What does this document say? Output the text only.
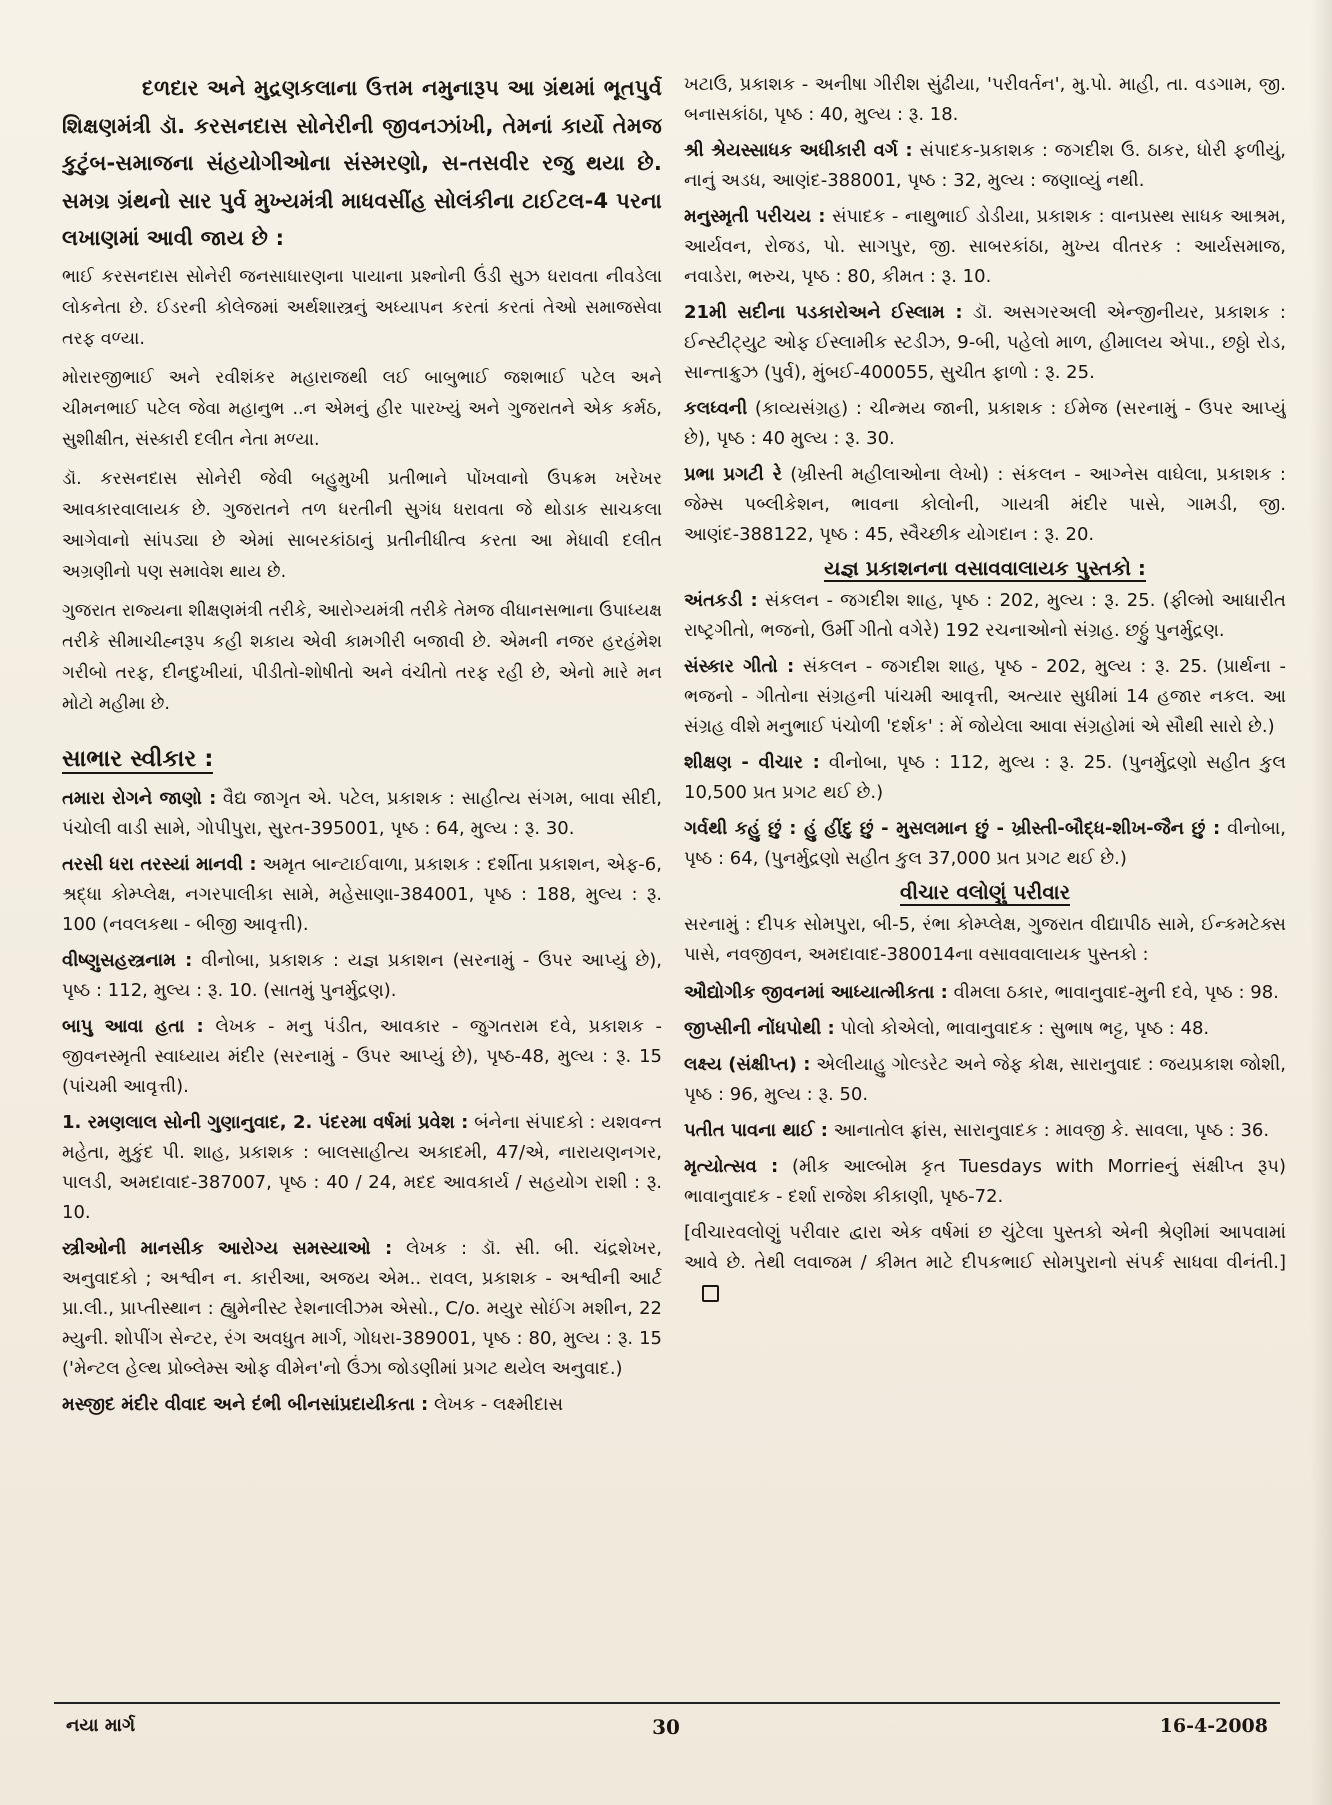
દળદાર અને મુદ્રણકલાના ઉત્તમ નમુનારૂપ આ ગ્રંથમાં ભૂતપુર્વ શિક્ષણમંત્રી ડૉ. કરસનદાસ સોનેરીની જીવનઝાંખી, તેમનાં કાર્યો તેમજ કુટુંબ-સમાજના સંહયોગીઓના સંસ્મરણો, સ-તસવીર રજુ થયા છે. સમગ્ર ગ્રંથનો સાર પુર્વ મુખ્યમંત્રી માધવસીંહ સોલંકીના ટાઈટલ-4 પરના લખાણમાં આવી જાય છે :

ભાઈ કરસનદાસ સોનેરી જનસાધારણના પાયાના પ્રશ્નોની ઉંડી સુઝ ધરાવતા નીવડેલા લોકનેતા છે. ઈડરની કોલેજમાં અર્થશાસ્ત્રનું અધ્યાપન કરતાં કરતાં તેઓ સમાજસેવા તરફ વળ્યા.

મોરારજીભાઈ અને રવીશંકર મહારાજથી લઈ બાબુભાઈ જશભાઈ પટેલ અને ચીમનભાઈ પટેલ જેવા મહાનુભ ..ન એમનું હીર પારખ્યું અને ગુજરાતને એક કર્મઠ, સુશીક્ષીત, સંસ્કારી દલીત નેતા મળ્યા.

ડૉ. કરસનદાસ સોનેરી જેવી બહુમુખી પ્રતીભાને પોંખવાનો ઉપક્રમ ખરેખર આવકારવાલાયક છે. ગુજરાતને તળ ધરતીની સુગંધ ધરાવતા જે થોડાક સાચકલા આગેવાનો સાંપડ્યા છે એમાં સાબરકાંઠાનું પ્રતીનીધીત્વ કરતા આ મેધાવી દલીત અગ્રણીનો પણ સમાવેશ થાય છે.

ગુજરાત રાજ્યના શીક્ષણમંત્રી તરીકે, આરોગ્યમંત્રી તરીકે તેમજ વીધાનસભાના ઉપાધ્યક્ષ તરીકે સીમાચીહ્નરૂપ કહી શકાય એવી કામગીરી બજાવી છે. એમની નજર હરહંમેશ ગરીબો તરફ, દીનદુખીયાં, પીડીતો-શોષીતો અને વંચીતો તરફ રહી છે, એનો મારે મન મોટો મહીમા છે.

સાભાર સ્વીકાર :

તમારા રોગને જાણો : વૈદ્ય જાગૃત એ. પટેલ, પ્રકાશક : સાહીત્ય સંગમ, બાવા સીદી, પંચોલી વાડી સામે, ગોપીપુરા, સુરત-395001, પૃષ્ઠ : 64, મુલ્ય : રૂ. 30.

તરસી ધરા તરસ્યાં માનવી : અમૃત બાન્ટાઈવાળા, પ્રકાશક : દર્શીતા પ્રકાશન, એફ-6, શ્રદ્ધા કોમ્પ્લેક્ષ, નગરપાલીકા સામે, મહેસાણા-384001, પૃષ્ઠ : 188, મુલ્ય : રૂ. 100 (નવલકથા - બીજી આવૃત્તી).

વીષ્ણુસહસ્ત્રનામ : વીનોબા, પ્રકાશક : યજ્ઞ પ્રકાશન (સરનામું - ઉપર આપ્યું છે), પૃષ્ઠ : 112, મુલ્ય : રૂ. 10. (સાતમું પુનર્મુદ્રણ).

બાપુ આવા હતા : લેખક - મનુ પંડીત, આવકાર - જુગતરામ દવે, પ્રકાશક - જીવનસ્મૃતી સ્વાધ્યાય મંદીર (સરનામું - ઉપર આપ્યું છે), પૃષ્ઠ-48, મુલ્ય : રૂ. 15 (પાંચમી આવૃત્તી).

1. રમણલાલ સોની ગુણાનુવાદ, 2. પંદરમા વર્ષમાં પ્રવેશ : બંનેના સંપાદકો : યશવન્ત મહેતા, મુકુંદ પી. શાહ, પ્રકાશક : બાલસાહીત્ય અકાદમી, 47/એ, નારાયણનગર, પાલડી, અમદાવાદ-387007, પૃષ્ઠ : 40 / 24, મદદ આવકાર્ય / સહયોગ રાશી : રૂ. 10.

સ્ત્રીઓની માનસીક આરોગ્ય સમસ્યાઓ : લેખક : ડૉ. સી. બી. ચંદ્રશેખર, અનુવાદકો ; અશ્વીન ન. કારીઆ, અજય એમ.. રાવલ, પ્રકાશક - અશ્વીની આર્ટ પ્રા.લી., પ્રાપ્તીસ્થાન : હ્યુમેનીસ્ટ રેશનાલીઝમ એસો., C/o. મયુર સોઈંગ મશીન, 22 મ્યુની. શોપીંગ સેન્ટર, રંગ અવધુત માર્ગ, ગોધરા-389001, પૃષ્ઠ : 80, મુલ્ય : રૂ. 15 ('મેન્ટલ હેલ્થ પ્રોબ્લેમ્સ ઓફ વીમેન'નો ઉંઝા જોડણીમાં પ્રગટ થયેલ અનુવાદ.)

મસ્જીદ મંદીર વીવાદ અને દંભી બીનસાંપ્રદાયીકતા : લેખક - લક્ષ્મીદાસ

ખટાઉ, પ્રકાશક - અનીષા ગીરીશ સુંઢીયા, 'પરીવર્તન', મુ.પો. માહી, તા. વડગામ, જી. બનાસકાંઠા, પૃષ્ઠ : 40, મુલ્ય : રૂ. 18.

શ્રી શ્રેયસ્સાધક અધીકારી વર્ગ : સંપાદક-પ્રકાશક : જગદીશ ઉ. ઠાકર, ધોરી ફળીયું, નાનું અડધ, આણંદ-388001, પૃષ્ઠ : 32, મુલ્ય : જણાવ્યું નથી.

મનુસ્મૃતી પરીચય : સંપાદક - નાથુભાઈ ડોડીયા, પ્રકાશક : વાનપ્રસ્થ સાધક આશ્રમ, આર્યવન, રોજડ, પો. સાગપુર, જી. સાબરકાંઠા, મુખ્ય વીતરક : આર્યસમાજ, નવાડેરા, ભરુચ, પૃષ્ઠ : 80, કીમત : રૂ. 10.

21મી સદીના પડકારોઅને ઈસ્લામ : ડૉ. અસગરઅલી એન્જીનીયર, પ્રકાશક : ઈન્સ્ટીટ્યુટ ઓફ ઈસ્લામીક સ્ટડીઝ, 9-બી, પહેલો માળ, હીમાલય એપા., છઠ્ઠો રોડ, સાન્તાક્રુઝ (પુર્વ), મુંબઈ-400055, સુચીત ફાળો : રૂ. 25.

કલધ્વની (કાવ્યસંગ્રહ) : ચીન્મય જાની, પ્રકાશક : ઈમેજ (સરનામું - ઉપર આપ્યું છે), પૃષ્ઠ : 40 મુલ્ય : રૂ. 30.

પ્રભા પ્રગટી રે (ખ્રીસ્તી મહીલાઓના લેખો) : સંકલન - આગ્નેસ વાઘેલા, પ્રકાશક : જેમ્સ પબ્લીકેશન, ભાવના કોલોની, ગાયત્રી મંદીર પાસે, ગામડી, જી. આણંદ-388122, પૃષ્ઠ : 45, સ્વૈચ્છીક યોગદાન : રૂ. 20.

યજ્ઞ પ્રકાશનના વસાવવાલાયક પુસ્તકો :

અંતકડી : સંકલન - જગદીશ શાહ, પૃષ્ઠ : 202, મુલ્ય : રૂ. 25. (ફીલ્મો આધારીત રાષ્ટ્રગીતો, ભજનો, ઉર્મી ગીતો વગેરે) 192 રચનાઓનો સંગ્રહ. છઠ્ઠું પુનર્મુદ્રણ.

સંસ્કાર ગીતો : સંકલન - જગદીશ શાહ, પૃષ્ઠ - 202, મુલ્ય : રૂ. 25. (પ્રાર્થના - ભજનો - ગીતોના સંગ્રહની પાંચમી આવૃત્તી, અત્યાર સુધીમાં 14 હજાર નકલ. આ સંગ્રહ વીશે મનુભાઈ પંચોળી 'દર્શક' : મેં જોયેલા આવા સંગ્રહોમાં એ સૌથી સારો છે.)

શીક્ષણ - વીચાર : વીનોબા, પૃષ્ઠ : 112, મુલ્ય : રૂ. 25. (પુનર્મુદ્રણો સહીત કુલ 10,500 પ્રત પ્રગટ થઈ છે.)

ગર્વથી કહું છું : હું હીંદુ છું - મુસલમાન છું - ખ્રીસ્તી-બૌદ્ધ-શીખ-જૈન છું : વીનોબા, પૃષ્ઠ : 64, (પુનર્મુદ્રણો સહીત કુલ 37,000 પ્રત પ્રગટ થઈ છે.)

વીચાર વલોણું પરીવાર

સરનામું : દીપક સોમપુરા, બી-5, રંભા કોમ્પ્લેક્ષ, ગુજરાત વીદ્યાપીઠ સામે, ઈન્કમટેક્સ પાસે, નવજીવન, અમદાવાદ-380014ના વસાવવાલાયક પુસ્તકો :

ઔદ્યોગીક જીવનમાં આધ્યાત્મીકતા : વીમલા ઠકાર, ભાવાનુવાદ-મુની દવે, પૃષ્ઠ : 98.

જીપ્સીની નોંધપોથી : પોલો કોએલો, ભાવાનુવાદક : સુભાષ ભટ્ટ, પૃષ્ઠ : 48.

લક્ષ્ય (સંક્ષીપ્ત) : એલીયાહુ ગોલ્ડરેટ અને જેફ કોક્ષ, સારાનુવાદ : જયપ્રકાશ જોશી, પૃષ્ઠ : 96, મુલ્ય : રૂ. 50.

પતીત પાવના થાઈ : આનાતોલ ફ્રાંસ, સારાનુવાદક : માવજી કે. સાવલા, પૃષ્ઠ : 36.

મૃત્યોત્સવ : (મીક આલ્બોમ કૃત Tuesdays with Morrieનું સંક્ષીપ્ત રૂપ) ભાવાનુવાદક - દર્શા રાજેશ કીકાણી, પૃષ્ઠ-72.

[વીચારવલોણું પરીવાર દ્વારા એક વર્ષમાં છ ચુંટેલા પુસ્તકો એની શ્રેણીમાં આપવામાં આવે છે. તેથી લવાજમ / કીમત માટે દીપકભાઈ સોમપુરાનો સંપર્ક સાધવા વીનંતી.]

નયા માર્ગ	30	16-4-2008
